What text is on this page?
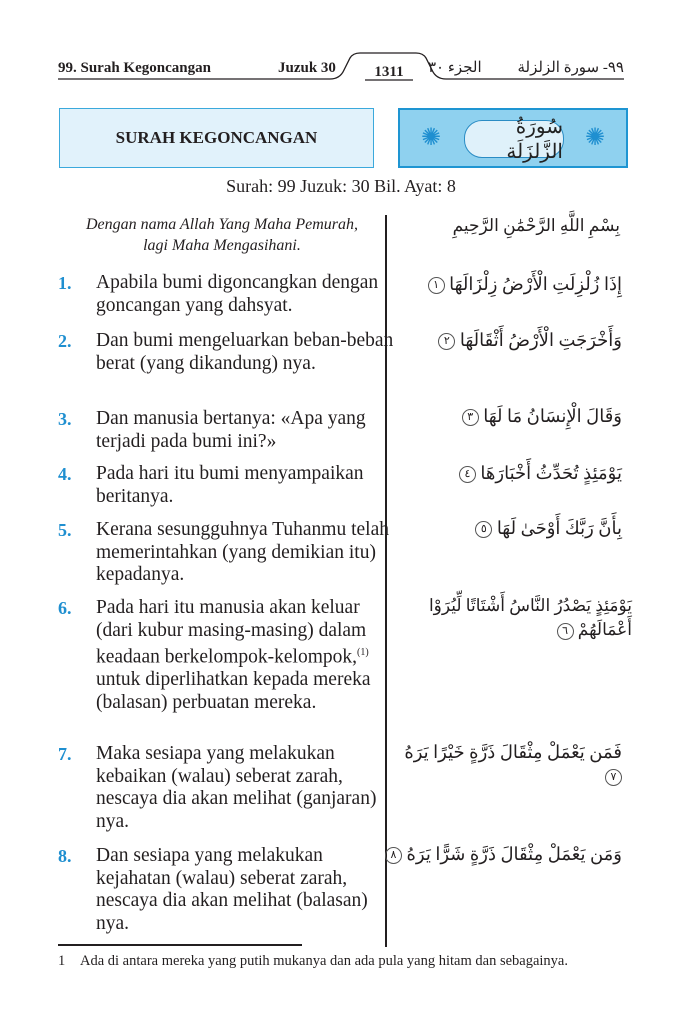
99. Surah Kegoncangan	Juzuk 30	1311	الجزء ٣٠ ٩٩- سورة الزلزلة
SURAH KEGONCANGAN	✺	سُورَةُ الزَّلزَلَة
✺
Surah: 99 Juzuk: 30 Bil. Ayat: 8
Dengan nama Allah Yang Maha Pemurah,
lagi Maha Mengasihani.
بِسْمِ اللَّهِ الرَّحْمَٰنِ الرَّحِيمِ
1. Apabila bumi digoncangkan dengan goncangan yang dahsyat.
إِذَا زُلْزِلَتِ الْأَرْضُ زِلْزَالَهَا ١
2. Dan bumi mengeluarkan beban-beban berat (yang dikandung) nya.
وَأَخْرَجَتِ الْأَرْضُ أَثْقَالَهَا ٢
3. Dan manusia bertanya: «Apa yang terjadi pada bumi ini?»
وَقَالَ الْإِنسَانُ مَا لَهَا ٣
4. Pada hari itu bumi menyampaikan beritanya.
يَوْمَئِذٍ تُحَدِّثُ أَخْبَارَهَا ٤
5. Kerana sesungguhnya Tuhanmu telah memerintahkan (yang demikian itu) kepadanya.
بِأَنَّ رَبَّكَ أَوْحَىٰ لَهَا ٥
6. Pada hari itu manusia akan keluar (dari kubur masing-masing) dalam keadaan berkelompok-kelompok,$^{(1)}$ untuk diperlihatkan kepada mereka (balasan) perbuatan mereka.
يَوْمَئِذٍ يَصْدُرُ النَّاسُ أَشْتَاتًا لِّيُرَوْا أَعْمَالَهُمْ ٦
7. Maka sesiapa yang melakukan kebaikan (walau) seberat zarah, nescaya dia akan melihat (ganjaran) nya.
فَمَن يَعْمَلْ مِثْقَالَ ذَرَّةٍ خَيْرًا يَرَهُ ٧
8. Dan sesiapa yang melakukan kejahatan (walau) seberat zarah, nescaya dia akan melihat (balasan) nya.
وَمَن يَعْمَلْ مِثْقَالَ ذَرَّةٍ شَرًّا يَرَهُ ٨
1 Ada di antara mereka yang putih mukanya dan ada pula yang hitam dan sebagainya.
